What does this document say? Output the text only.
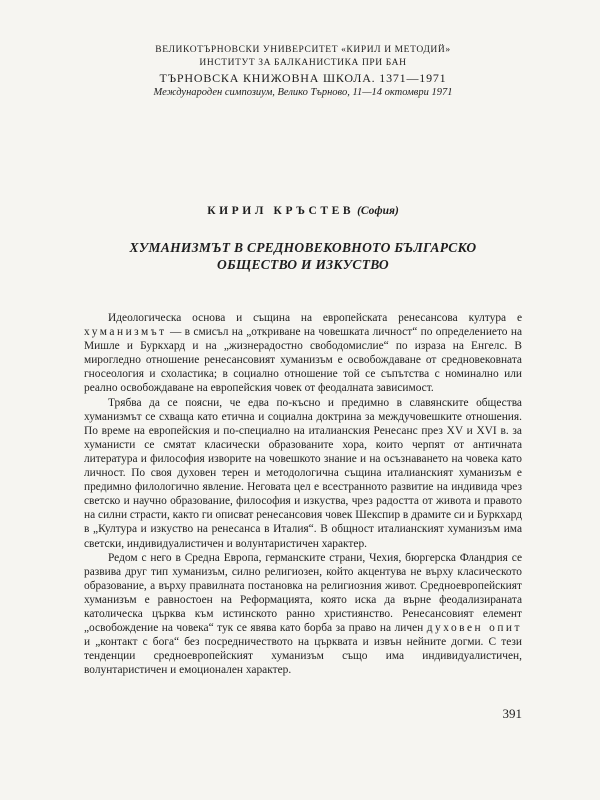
ВЕЛИКОТЪРНОВСКИ УНИВЕРСИТЕТ «КИРИЛ И МЕТОДИЙ»
ИНСТИТУТ ЗА БАЛКАНИСТИКА ПРИ БАН
ТЪРНОВСКА КНИЖОВНА ШКОЛА. 1371—1971
Международен симпозиум, Велико Търново, 11—14 октомври 1971
КИРИЛ КРЪСТЕВ (София)
ХУМАНИЗМЪТ В СРЕДНОВЕКОВНОТО БЪЛГАРСКО
ОБЩЕСТВО И ИЗКУСТВО

Идеологическа основа и същина на европейската ренесансова култура е хуманизмът — в смисъл на „откриване на човешката личност“ по определението на Мишле и Буркхард и на „жизнерадостно свободомислие“ по израза на Енгелс. В мирогледно отношение ренесансовият хуманизъм е освобождаване от средновековната гносеология и схоластика; в социално отношение той се съпътства с номинално или реално освобождаване на европейския човек от феодалната зависимост.

Трябва да се поясни, че едва по-късно и предимно в славянските общества хуманизмът се схваща като етична и социална доктрина за междучовешките отношения. По време на европейския и по-специално на италианския Ренесанс през XV и XVI в. за хуманисти се смятат класически образованите хора, които черпят от античната литература и философия изворите на човешкото знание и на осъзнаването на човека като личност. По своя духовен терен и методологична същина италианският хуманизъм е предимно филологично явление. Неговата цел е всестранното развитие на индивида чрез светско и научно образование, философия и изкуства, чрез радостта от живота и правото на силни страсти, както ги описват ренесансовия човек Шекспир в драмите си и Буркхард в „Култура и изкуство на ренесанса в Италия“. В общност италианският хуманизъм има светски, индивидуалистичен и волунтаристичен характер.

Редом с него в Средна Европа, германските страни, Чехия, бюргерска Фландрия се развива друг тип хуманизъм, силно религиозен, който акцентува не върху класическото образование, а върху правилната постановка на религиозния живот. Средноевропейският хуманизъм е равностоен на Реформацията, която иска да върне феодализираната католическа църква към истинското ранно християнство. Ренесансовият елемент „освобождение на човека“ тук се явява като борба за право на личен духовен опит и „контакт с бога“ без посредничеството на църквата и извън нейните догми. С тези тенденции средноевропейският хуманизъм също има индивидуалистичен, волунтаристичен и емоционален характер.

391
